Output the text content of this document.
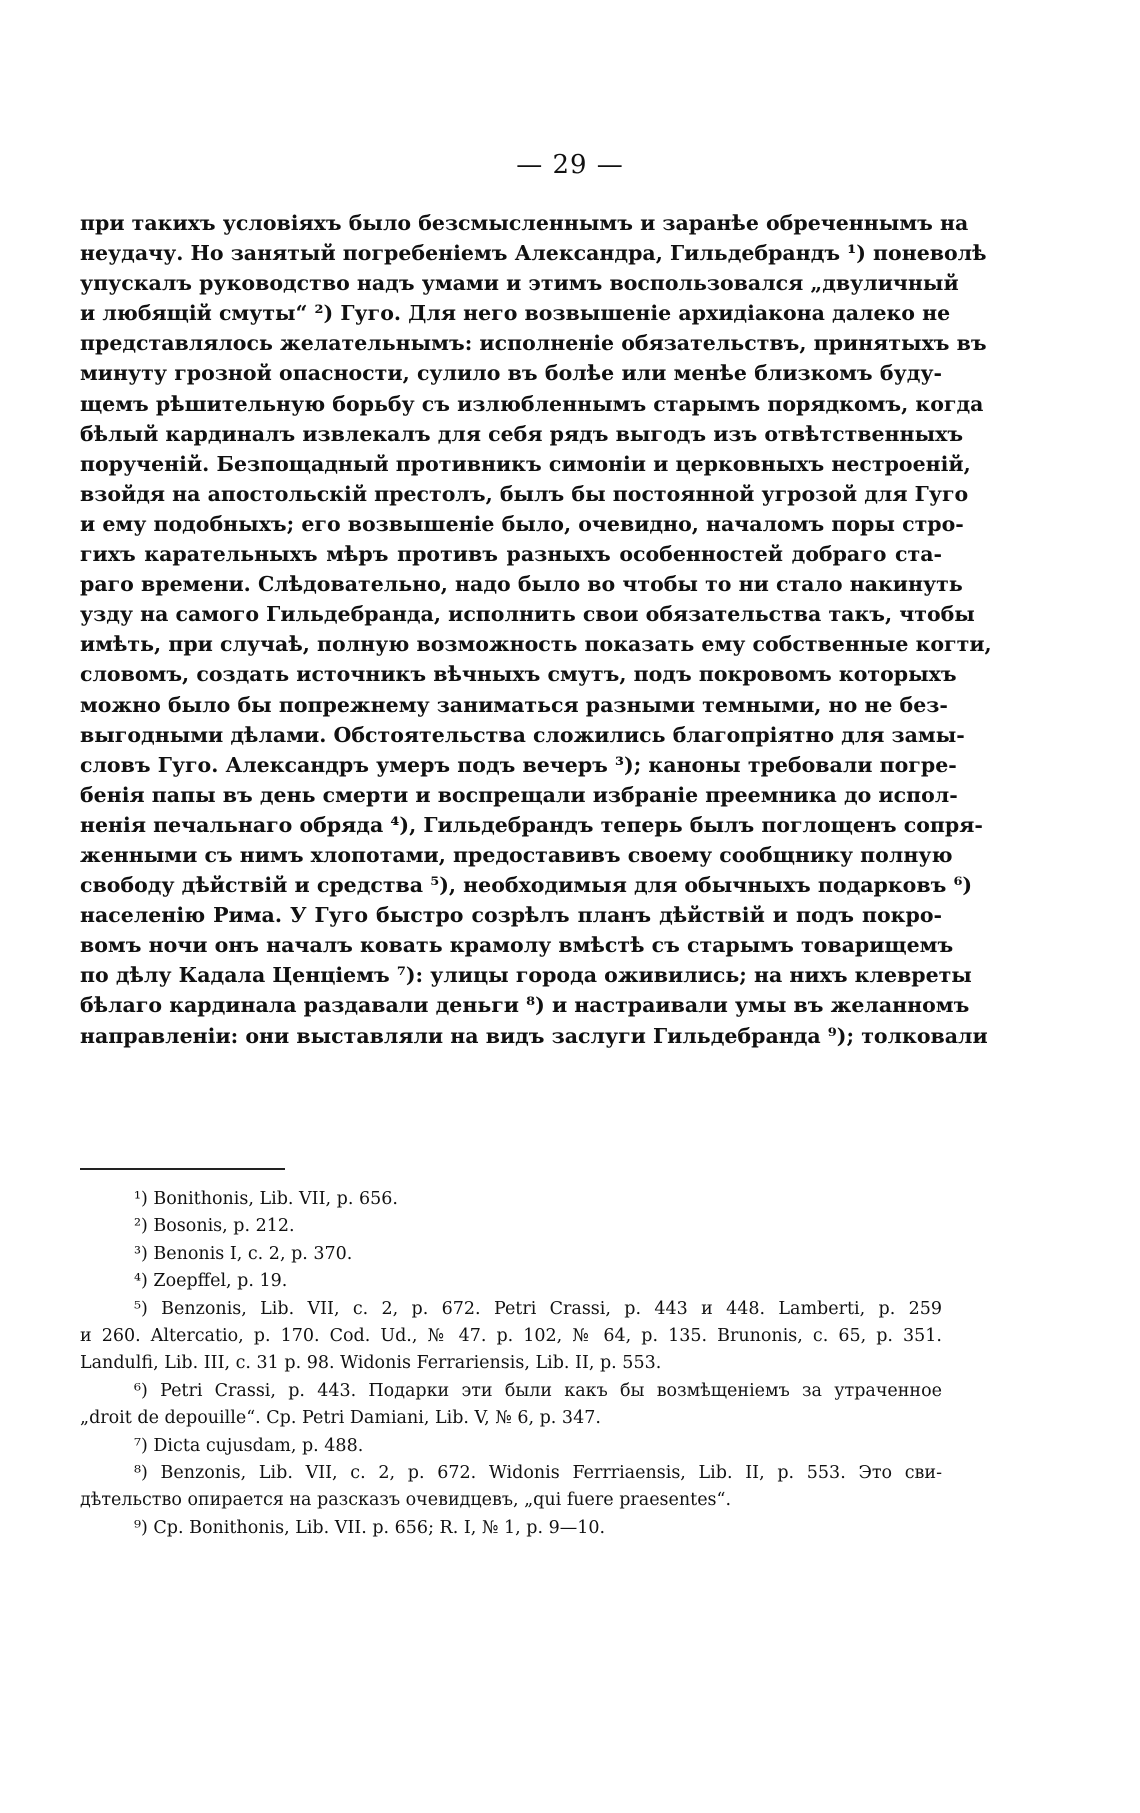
— 29 —
при такихъ условіяхъ было безсмысленнымъ и заранѣе обреченнымъ на
неудачу. Но занятый погребеніемъ Александра, Гильдебрандъ ¹) поневолѣ
упускалъ руководство надъ умами и этимъ воспользовался „двуличный
и любящій смуты“ ²) Гуго. Для него возвышеніе архидіакона далеко не
представлялось желательнымъ: исполненіе обязательствъ, принятыхъ въ
минуту грозной опасности, сулило въ болѣе или менѣе близкомъ буду-
щемъ рѣшительную борьбу съ излюбленнымъ старымъ порядкомъ, когда
бѣлый кардиналъ извлекалъ для себя рядъ выгодъ изъ отвѣтственныхъ
порученій. Безпощадный противникъ симоніи и церковныхъ нестроеній,
взойдя на апостольскій престолъ, былъ бы постоянной угрозой для Гуго
и ему подобныхъ; его возвышеніе было, очевидно, началомъ поры стро-
гихъ карательныхъ мѣръ противъ разныхъ особенностей добраго ста-
раго времени. Слѣдовательно, надо было во чтобы то ни стало накинуть
узду на самого Гильдебранда, исполнить свои обязательства такъ, чтобы
имѣть, при случаѣ, полную возможность показать ему собственные когти,
словомъ, создать источникъ вѣчныхъ смутъ, подъ покровомъ которыхъ
можно было бы попрежнему заниматься разными темными, но не без-
выгодными дѣлами. Обстоятельства сложились благопріятно для замы-
словъ Гуго. Александръ умеръ подъ вечеръ ³); каноны требовали погре-
бенія папы въ день смерти и воспрещали избраніе преемника до испол-
ненія печальнаго обряда ⁴), Гильдебрандъ теперь былъ поглощенъ сопря-
женными съ нимъ хлопотами, предоставивъ своему сообщнику полную
свободу дѣйствій и средства ⁵), необходимыя для обычныхъ подарковъ ⁶)
населенію Рима. У Гуго быстро созрѣлъ планъ дѣйствій и подъ покро-
вомъ ночи онъ началъ ковать крамолу вмѣстѣ съ старымъ товарищемъ
по дѣлу Кадала Ценціемъ ⁷): улицы города оживились; на нихъ клевреты
бѣлаго кардинала раздавали деньги ⁸) и настраивали умы въ желанномъ
направленіи: они выставляли на видъ заслуги Гильдебранда ⁹); толковали
¹) Bonithonis, Lib. VII, p. 656.
²) Bosonis, p. 212.
³) Benonis I, c. 2, p. 370.
⁴) Zoepffel, p. 19.
⁵) Benzonis, Lib. VII, c. 2, p. 672. Petri Crassi, p. 443 и 448. Lamberti, p. 259
и 260. Altercatio, p. 170. Cod. Ud., № 47. p. 102, № 64, p. 135. Brunonis, c. 65, p. 351.
Landulfi, Lib. III, c. 31 p. 98. Widonis Ferrariensis, Lib. II, p. 553.
⁶) Petri Crassi, p. 443. Подарки эти были какъ бы возмѣщеніемъ за утраченное
„droit de depouille“. Cp. Petri Damiani, Lib. V, № 6, p. 347.
⁷) Dicta cujusdam, p. 488.
⁸) Benzonis, Lib. VII, c. 2, p. 672. Widonis Ferrriaensis, Lib. II, p. 553. Это сви-
дѣтельство опирается на разсказъ очевидцевъ, „qui fuere praesentes“.
⁹) Cp. Bonithonis, Lib. VII. p. 656; R. I, № 1, p. 9—10.
